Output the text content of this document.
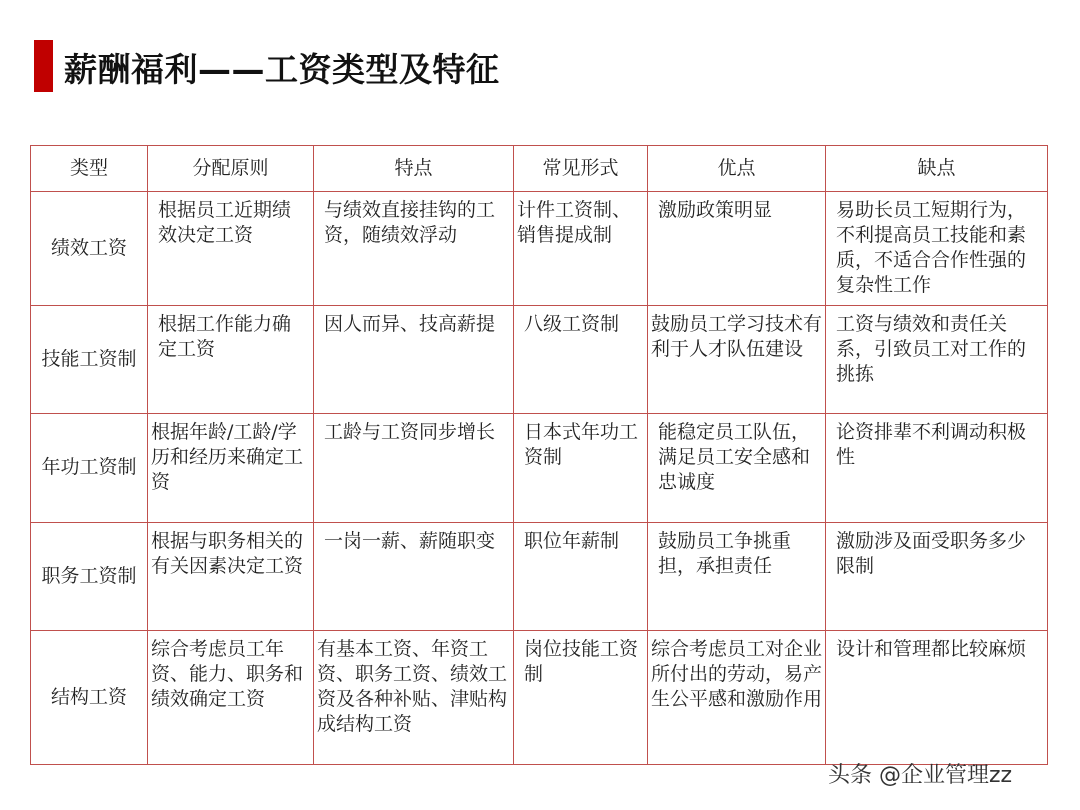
薪酬福利——工资类型及特征
类型	分配原则	特点	常见形式	优点	缺点
绩效工资	根据员工近期绩效决定工资	与绩效直接挂钩的工资，随绩效浮动	计件工资制、销售提成制	激励政策明显	易助长员工短期行为，不利提高员工技能和素质，不适合合作性强的复杂性工作
技能工资制	根据工作能力确定工资	因人而异、技高薪提	八级工资制	鼓励员工学习技术有利于人才队伍建设	工资与绩效和责任关系，引致员工对工作的挑拣
年功工资制	根据年龄/工龄/学历和经历来确定工资	工龄与工资同步增长	日本式年功工资制	能稳定员工队伍，满足员工安全感和忠诚度	论资排辈不利调动积极性
职务工资制	根据与职务相关的有关因素决定工资	一岗一薪、薪随职变	职位年薪制	鼓励员工争挑重担，承担责任	激励涉及面受职务多少限制
结构工资	综合考虑员工年资、能力、职务和绩效确定工资	有基本工资、年资工资、职务工资、绩效工资及各种补贴、津贴构成结构工资	岗位技能工资制	综合考虑员工对企业所付出的劳动，易产生公平感和激励作用	设计和管理都比较麻烦
头条 @企业管理zz
